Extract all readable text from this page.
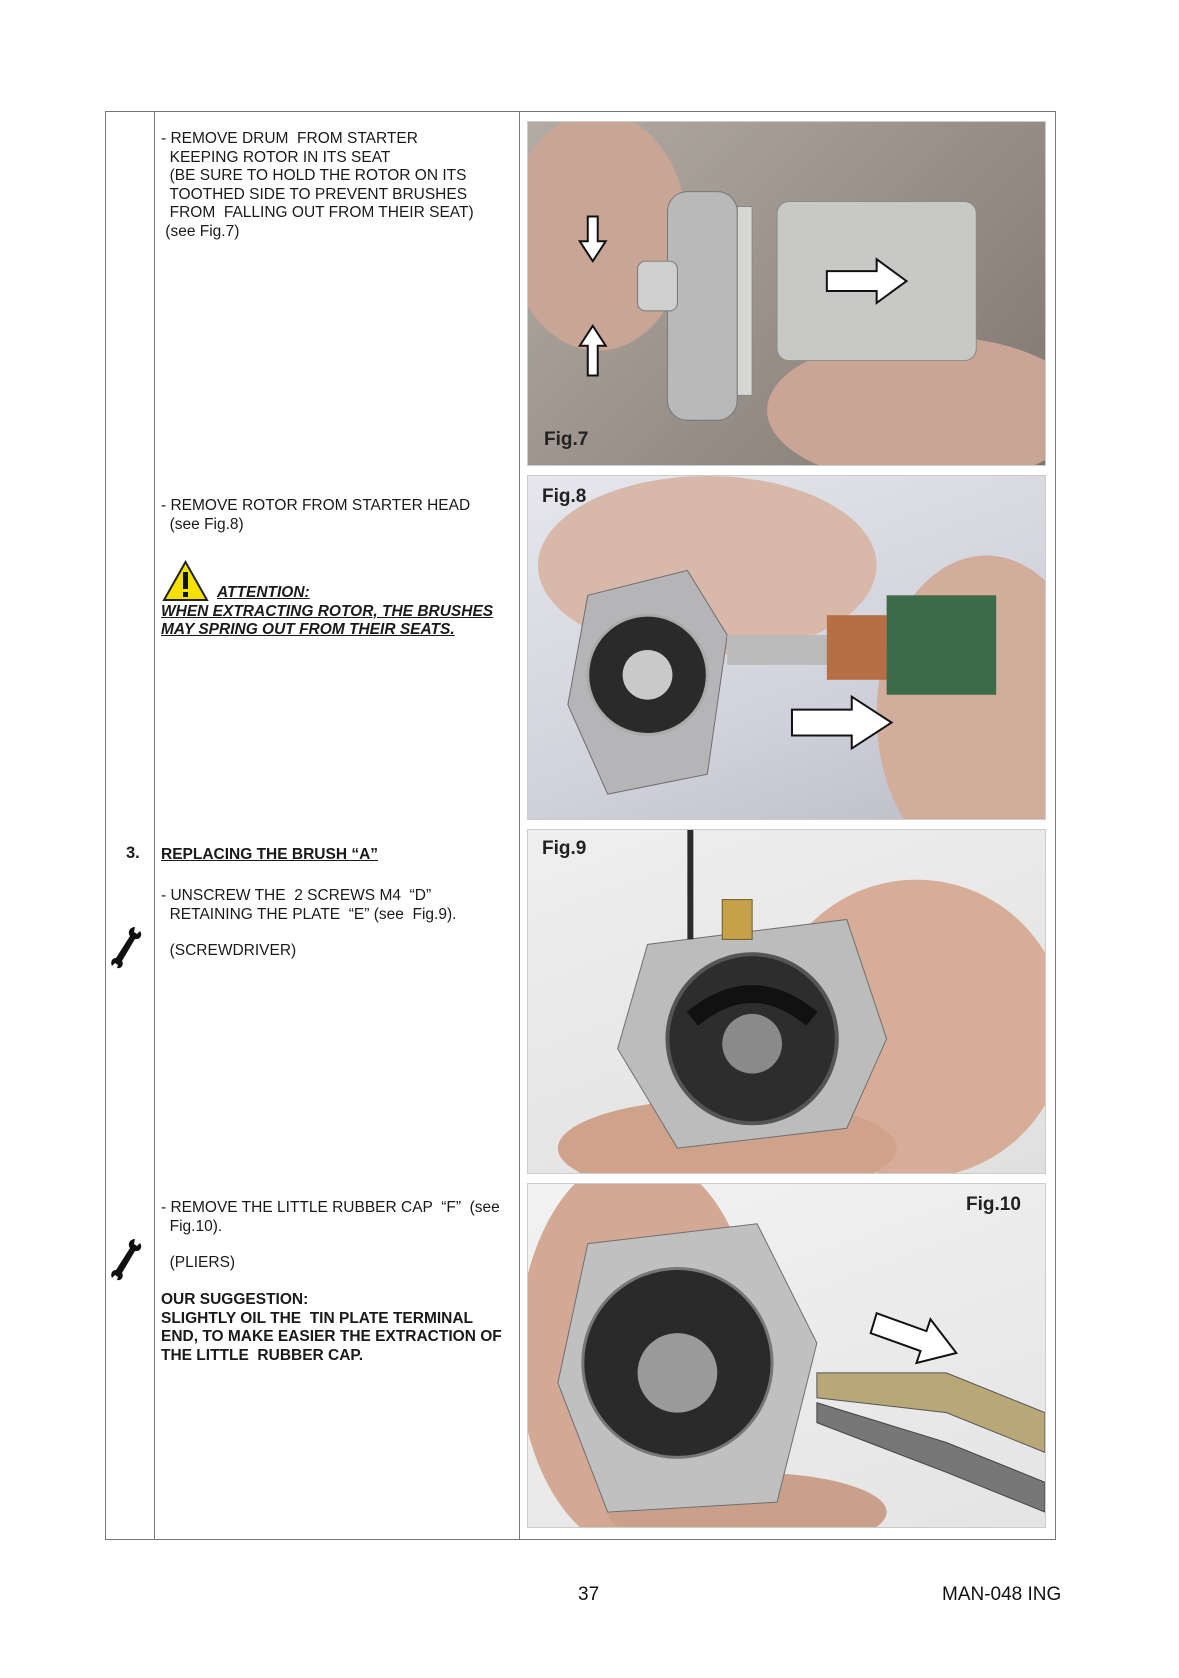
- REMOVE DRUM  FROM STARTER
KEEPING ROTOR IN ITS SEAT
(BE SURE TO HOLD THE ROTOR ON ITS
TOOTHED SIDE TO PREVENT BRUSHES
FROM  FALLING OUT FROM THEIR SEAT)
(see Fig.7)
- REMOVE ROTOR FROM STARTER HEAD
(see Fig.8)
ATTENTION:
WHEN EXTRACTING ROTOR, THE BRUSHES
MAY SPRING OUT FROM THEIR SEATS.
3. REPLACING THE BRUSH “A”
- UNSCREW THE  2 SCREWS M4  “D”
RETAINING THE PLATE  “E” (see  Fig.9).
(SCREWDRIVER)
- REMOVE THE LITTLE RUBBER CAP  “F”  (see
Fig.10).
(PLIERS)
OUR SUGGESTION:
SLIGHTLY OIL THE  TIN PLATE TERMINAL
END, TO MAKE EASIER THE EXTRACTION OF
THE LITTLE  RUBBER CAP.
Fig.7
Fig.8
Fig.9
Fig.10
37	MAN-048 ING
